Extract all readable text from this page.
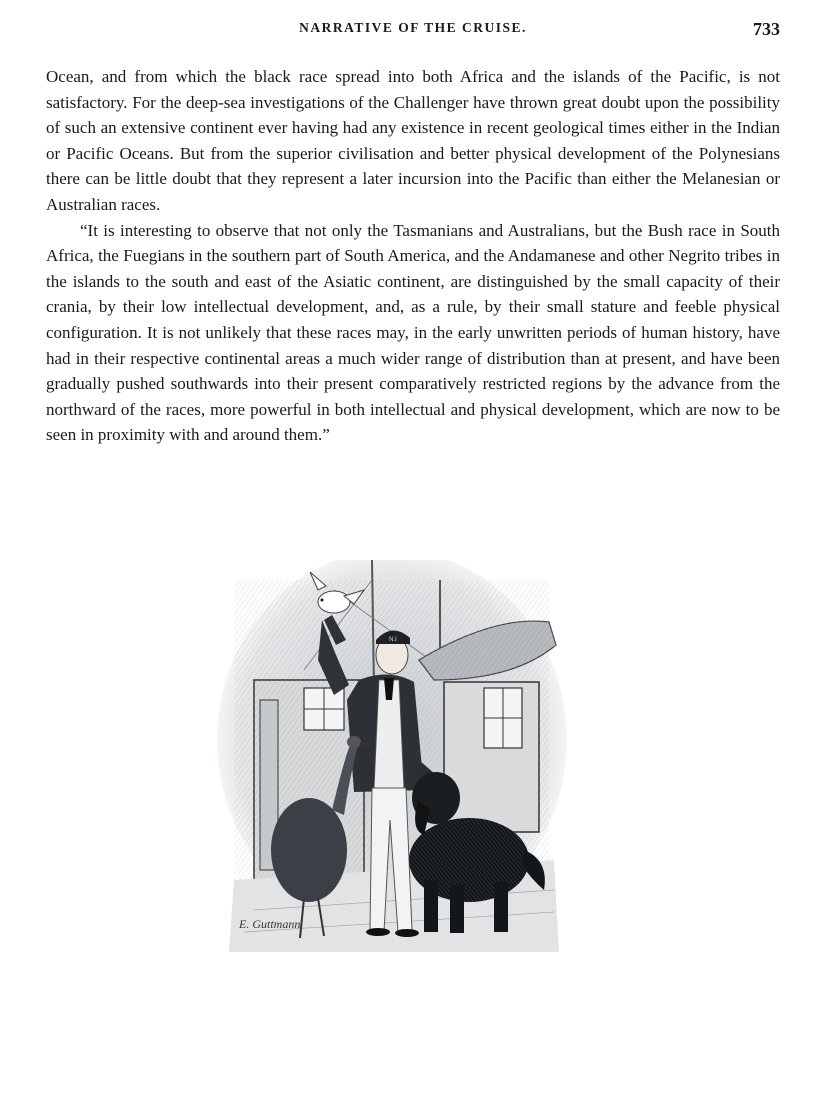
NARRATIVE OF THE CRUISE.	733

Ocean, and from which the black race spread into both Africa and the islands of the Pacific, is not satisfactory. For the deep-sea investigations of the Challenger have thrown great doubt upon the possibility of such an extensive continent ever having had any existence in recent geological times either in the Indian or Pacific Oceans. But from the superior civilisation and better physical development of the Polynesians there can be little doubt that they represent a later incursion into the Pacific than either the Melanesian or Australian races.

“It is interesting to observe that not only the Tasmanians and Australians, but the Bush race in South Africa, the Fuegians in the southern part of South America, and the Andamanese and other Negrito tribes in the islands to the south and east of the Asiatic continent, are distinguished by the small capacity of their crania, by their low intellectual development, and, as a rule, by their small stature and feeble physical configuration. It is not unlikely that these races may, in the early unwritten periods of human history, have had in their respective continental areas a much wider range of distribution than at present, and have been gradually pushed southwards into their present comparatively restricted regions by the advance from the northward of the races, more powerful in both intellectual and physical development, which are now to be seen in proximity with and around them.”

N.I
E. Guttmann
